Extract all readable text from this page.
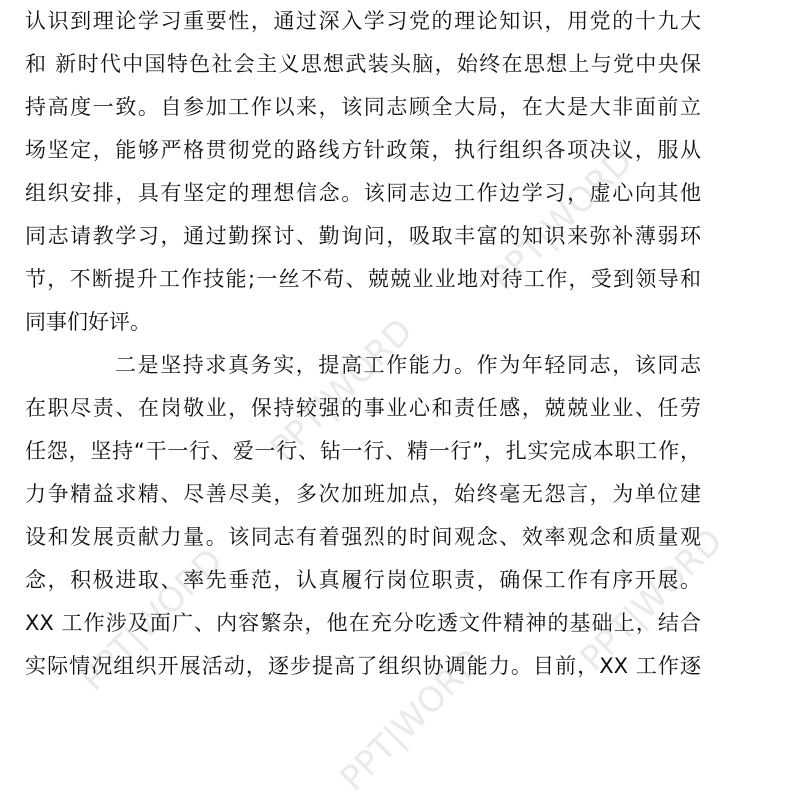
PPT|WORD
PPT|WORD
PPT|WORD
PPT|WORD
PPT|WORD
认识到理论学习重要性，通过深入学习党的理论知识，用党的十九大
和 新时代中国特色社会主义思想武装头脑，始终在思想上与党中央保
持高度一致。自参加工作以来，该同志顾全大局，在大是大非面前立
场坚定，能够严格贯彻党的路线方针政策，执行组织各项决议，服从
组织安排，具有坚定的理想信念。该同志边工作边学习，虚心向其他
同志请教学习，通过勤探讨、勤询问，吸取丰富的知识来弥补薄弱环
节，不断提升工作技能;一丝不苟、兢兢业业地对待工作，受到领导和
同事们好评。
二是坚持求真务实，提高工作能力。作为年轻同志，该同志
在职尽责、在岗敬业，保持较强的事业心和责任感，兢兢业业、任劳
任怨，坚持“干一行、爱一行、钻一行、精一行”，扎实完成本职工作，
力争精益求精、尽善尽美，多次加班加点，始终毫无怨言，为单位建
设和发展贡献力量。该同志有着强烈的时间观念、效率观念和质量观
念，积极进取、率先垂范，认真履行岗位职责，确保工作有序开展。
XX 工作涉及面广、内容繁杂，他在充分吃透文件精神的基础上，结合
实际情况组织开展活动，逐步提高了组织协调能力。目前，XX 工作逐
